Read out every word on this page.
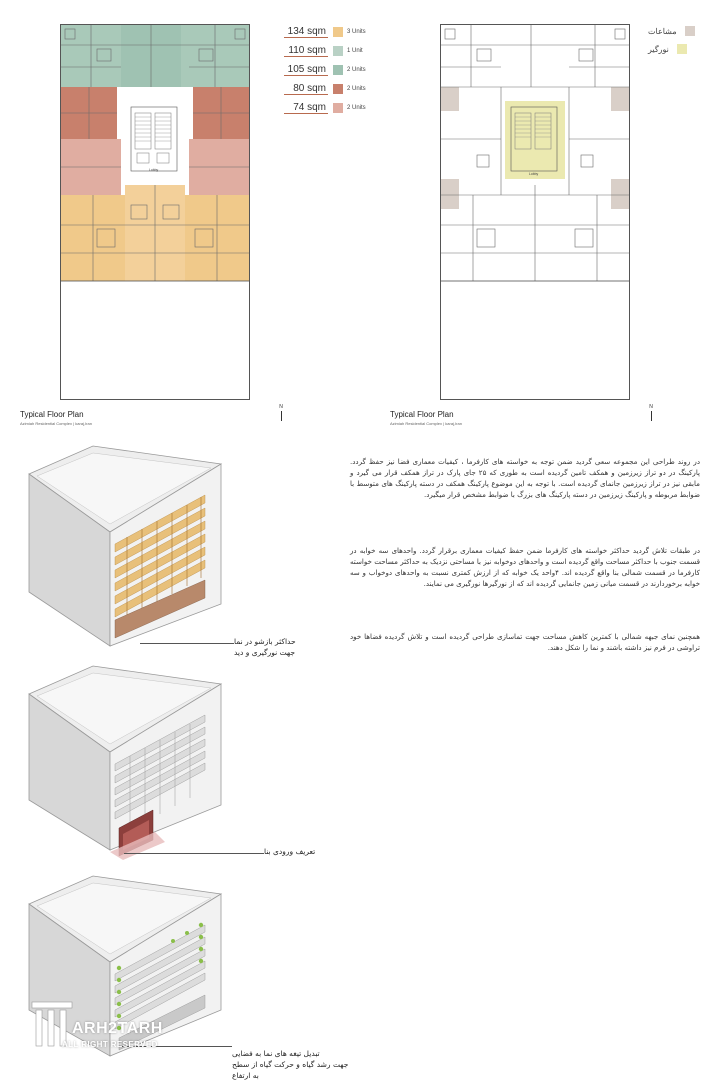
Lobby
134 sqm	3 Units
110 sqm	1 Unit
105 sqm	2 Units
80 sqm	2 Units
74 sqm	2 Units
Lobby
مشاعات
نورگیر
Typical Floor Plan
Azimiah Residential Complex | karaj,Iran
N
Typical Floor Plan
Azimiah Residential Complex | karaj,Iran
N
در روند طراحی این مجموعه سعی گردید ضمن توجه به خواسته های کارفرما ، کیفیات معماری فضا نیز حفظ گردد. پارکینگ در دو تراز زیرزمین و همکف تامین گردیده است به طوری که ۲۵ جای پارک در تراز همکف قرار می گیرد و مابقی نیز در تراز زیرزمین جانمای گردیده است. با توجه به این موضوع پارکینگ همکف در دسته پارکینگ های متوسط با ضوابط مربوطه و پارکینگ زیرزمین در دسته پارکینگ های بزرگ با ضوابط مشخص قرار میگیرد.
در طبقات تلاش گردید حداکثر خواسته های کارفرما ضمن حفظ کیفیات معماری برقرار گردد. واحدهای سه خوابه در قسمت جنوب با حداکثر مساحت واقع گردیده است و واحدهای دوخوابه نیز با مساحتی نزدیک به حداکثر مساحت خواسته کارفرما در قسمت شمالی بنا واقع گردیده اند. ۴واحد یک خوابه که از ارزش کمتری نسبت به واحدهای دوخواب و سه خوابه برخوردارند در قسمت میانی زمین جانمایی گردیده اند که از نورگیرها نورگیری می نمایند.
همچنین نمای جبهه شمالی با کمترین کاهش مساحت جهت تماسازی طراحی گردیده است و تلاش گردیده فضاها خود تراوشی در فرم نیز داشته باشند و نما را شکل دهند.
حداکثر بازشو در نما
جهت نورگیری و دید
تعریف ورودی بنا
تبدیل تیغه های نما به فضایی
جهت رشد گیاه و حرکت گیاه از سطح به ارتفاع
ARH2TARH
ALL RIGHT RESERVED
